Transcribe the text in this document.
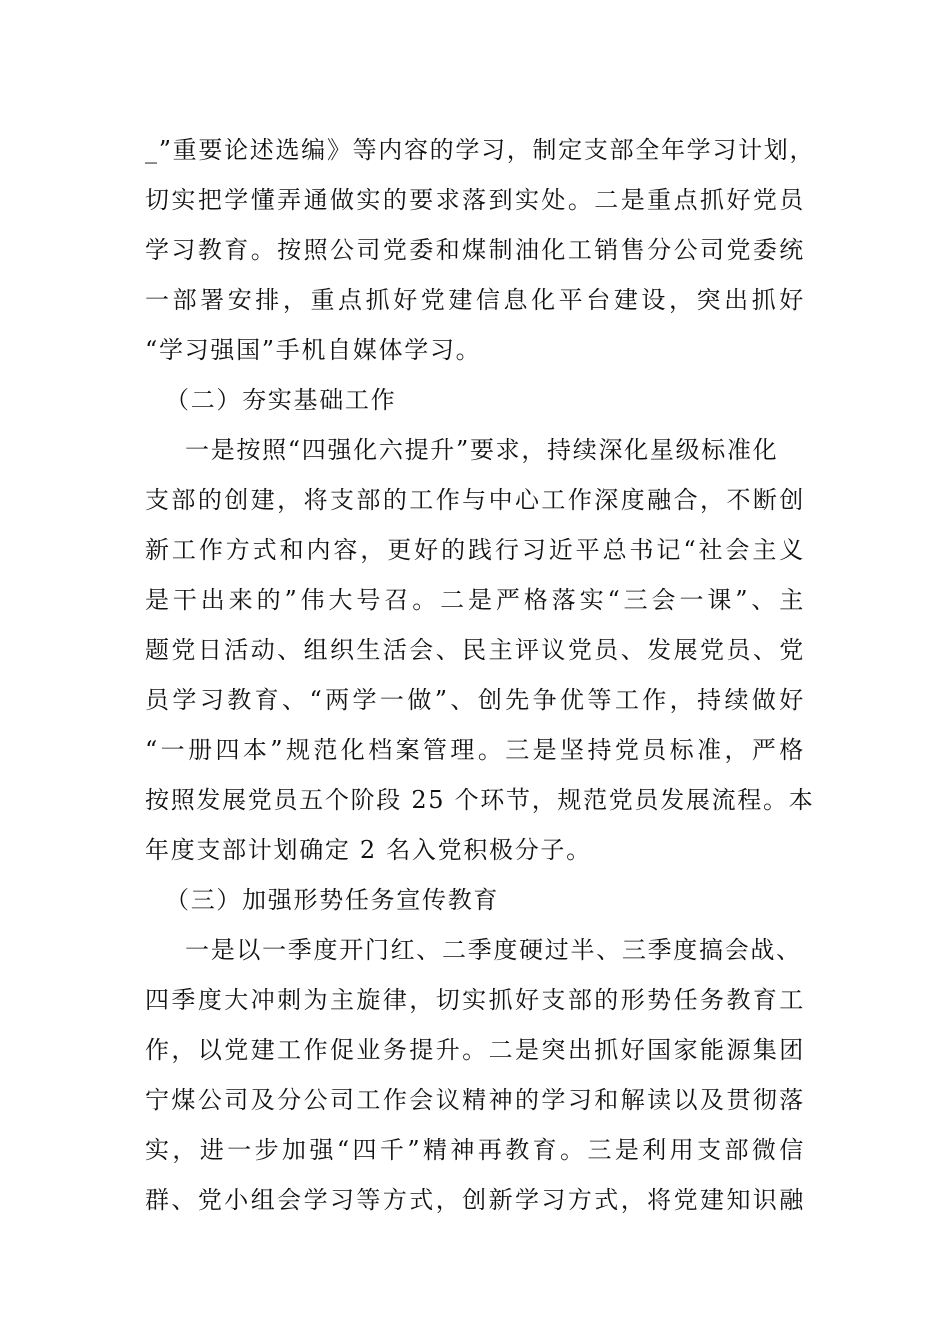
_”重要论述选编》等内容的学习，制定支部全年学习计划，
切实把学懂弄通做实的要求落到实处。二是重点抓好党员
学习教育。按照公司党委和煤制油化工销售分公司党委统
一部署安排，重点抓好党建信息化平台建设，突出抓好
“学习强国”手机自媒体学习。
（二）夯实基础工作
一是按照“四强化六提升”要求，持续深化星级标准化
支部的创建，将支部的工作与中心工作深度融合，不断创
新工作方式和内容，更好的践行习近平总书记“社会主义
是干出来的”伟大号召。二是严格落实“三会一课”、主
题党日活动、组织生活会、民主评议党员、发展党员、党
员学习教育、“两学一做”、创先争优等工作，持续做好
“一册四本”规范化档案管理。三是坚持党员标准，严格
按照发展党员五个阶段 25 个环节，规范党员发展流程。本
年度支部计划确定 2 名入党积极分子。
（三）加强形势任务宣传教育
一是以一季度开门红、二季度硬过半、三季度搞会战、
四季度大冲刺为主旋律，切实抓好支部的形势任务教育工
作，以党建工作促业务提升。二是突出抓好国家能源集团
宁煤公司及分公司工作会议精神的学习和解读以及贯彻落
实，进一步加强“四千”精神再教育。三是利用支部微信
群、党小组会学习等方式，创新学习方式，将党建知识融
